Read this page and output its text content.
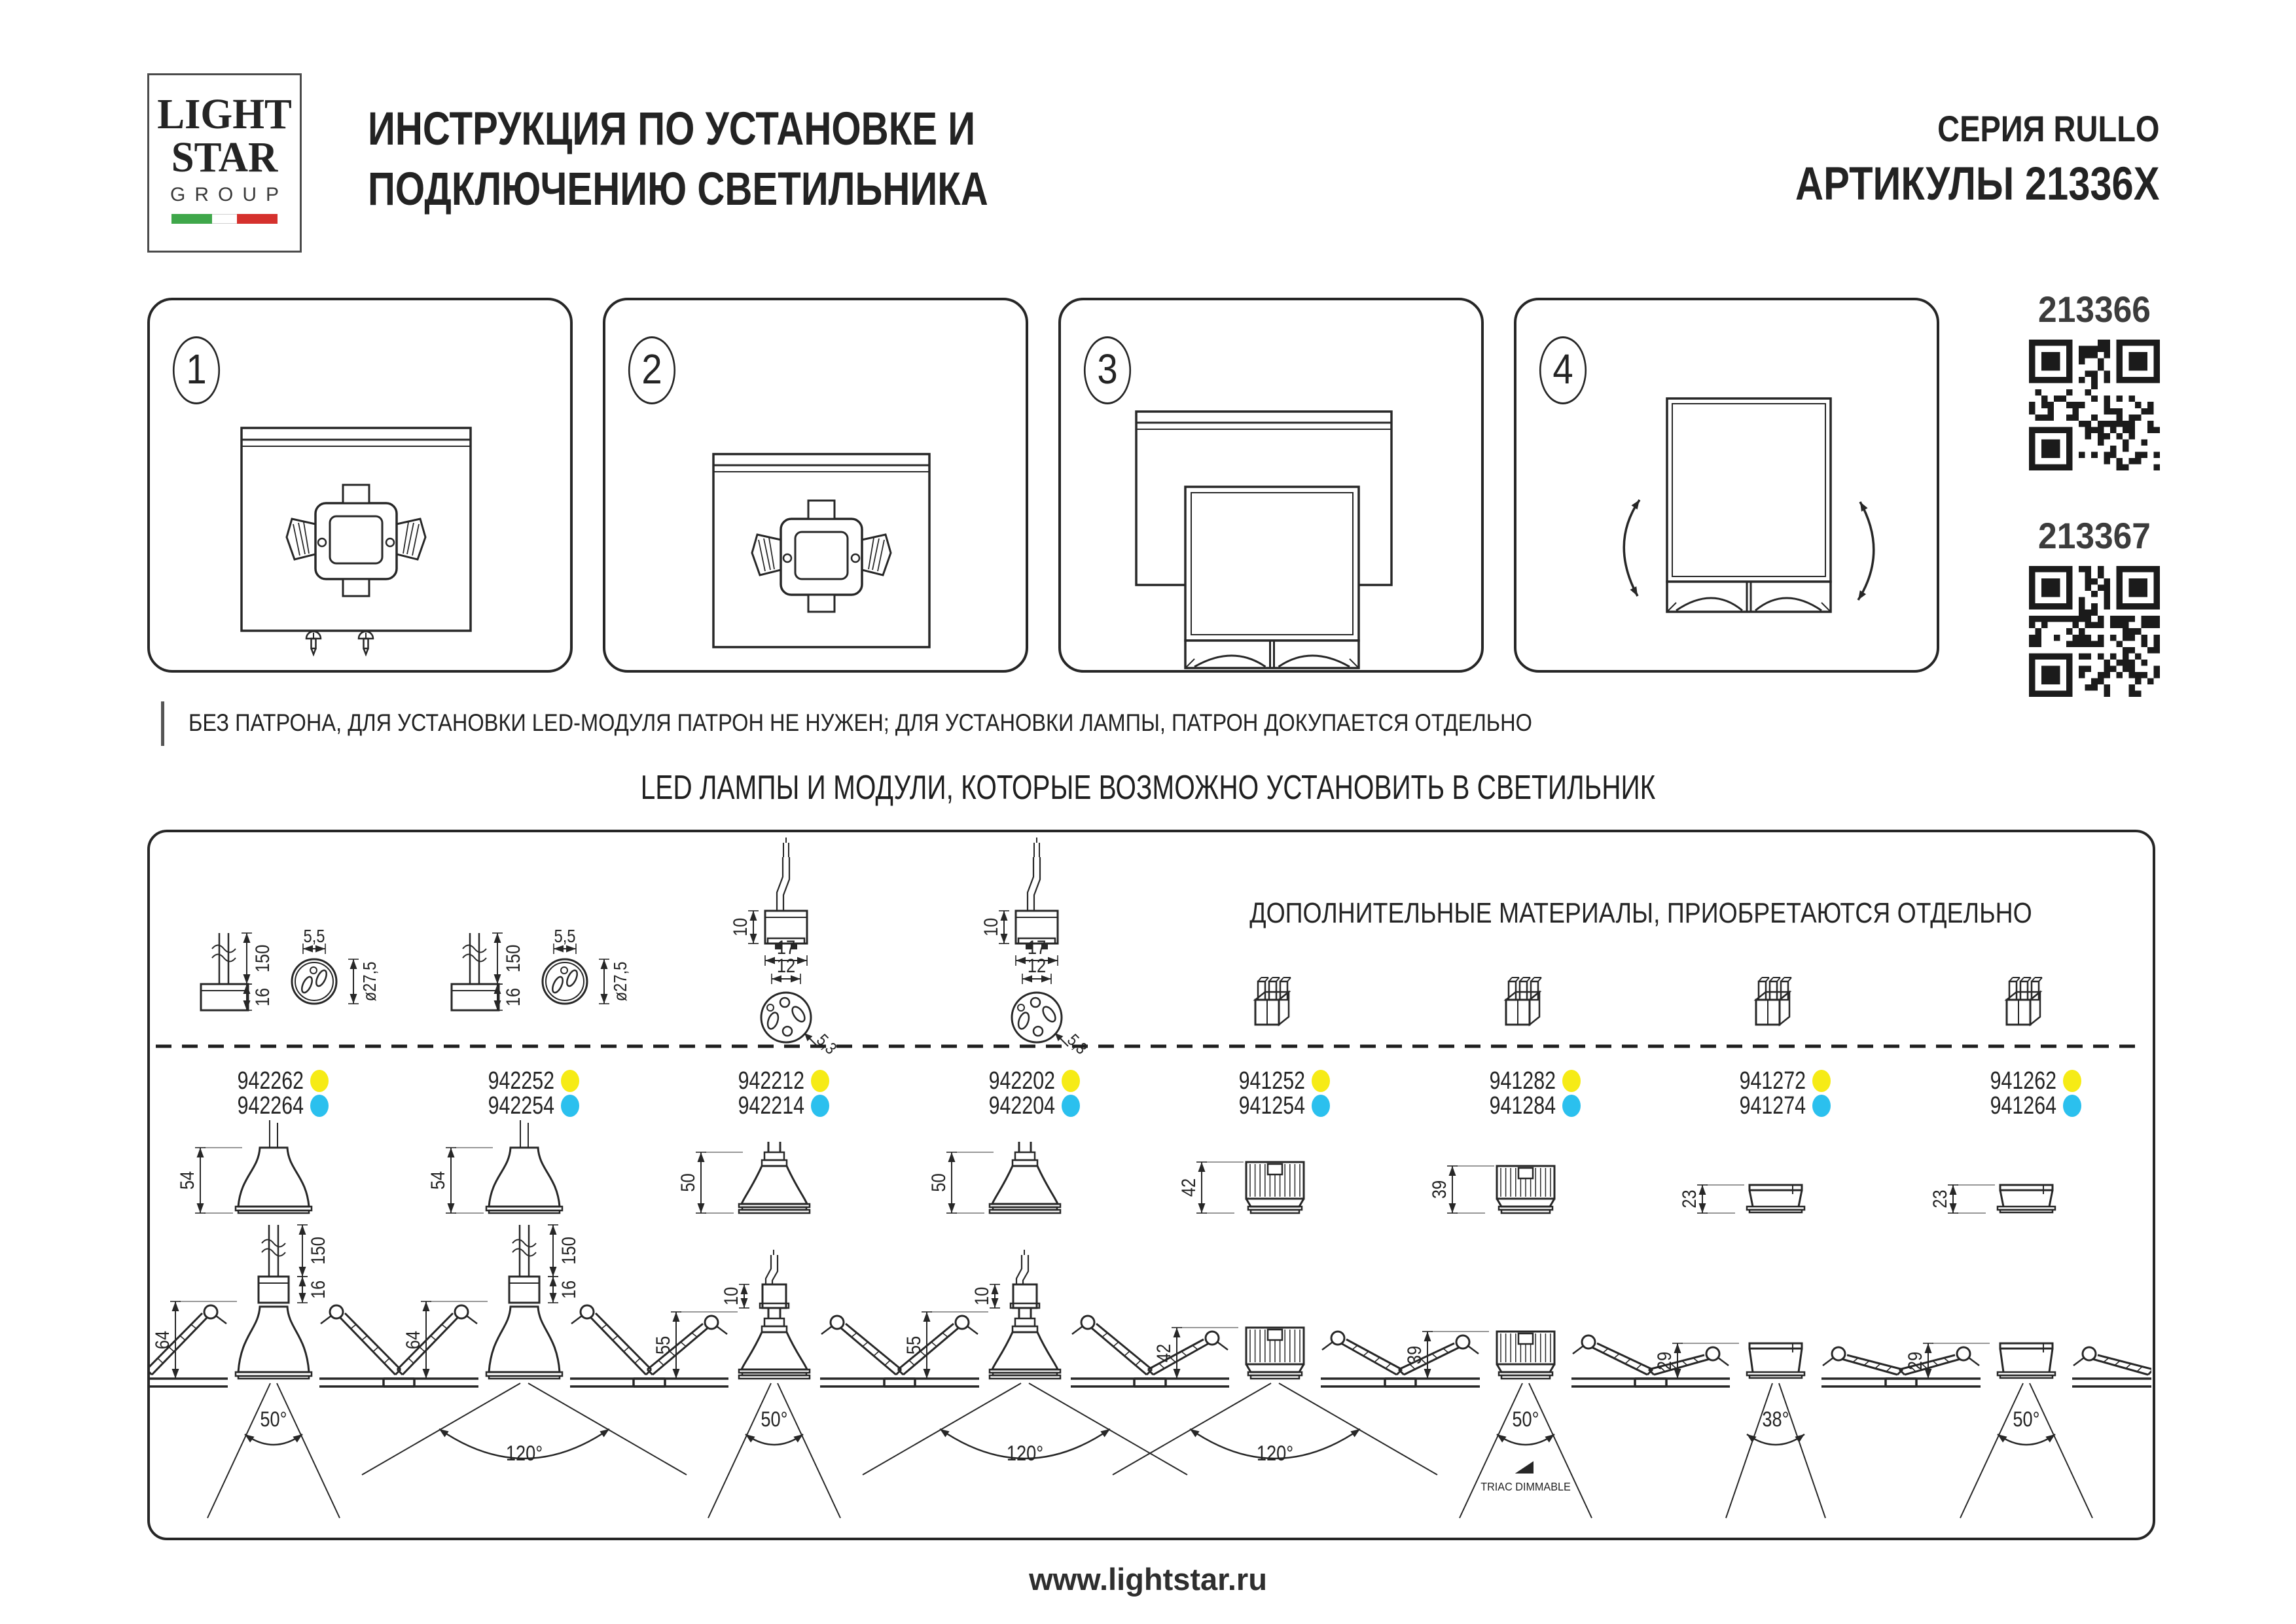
LIGHT
STAR
GROUP
ИНСТРУКЦИЯ ПО УСТАНОВКЕ И
ПОДКЛЮЧЕНИЮ СВЕТИЛЬНИКА
СЕРИЯ RULLO
АРТИКУЛЫ 21336X
1	2	3	4
213366
213367
БЕЗ ПАТРОНА, ДЛЯ УСТАНОВКИ LED-МОДУЛЯ ПАТРОН НЕ НУЖЕН; ДЛЯ УСТАНОВКИ ЛАМПЫ, ПАТРОН ДОКУПАЕТСЯ ОТДЕЛЬНО
LED ЛАМПЫ И МОДУЛИ, КОТОРЫЕ ВОЗМОЖНО УСТАНОВИТЬ В СВЕТИЛЬНИК
ДОПОЛНИТЕЛЬНЫЕ МАТЕРИАЛЫ, ПРИОБРЕТАЮТСЯ ОТДЕЛЬНО
150
16
5,5
ø27,5
942262
942264
54
150
16
64
50°
150
16
5,5
ø27,5
942252
942254
54
150
16
64
120°
10
17
12
5,3
942212
942214
50
10
55
50°
10
17
12
5,3
942202
942204
50
10
55
120°
941252
941254
42
42
120°
941282
941284
39
39
50°
TRIAC DIMMABLE
941272
941274
23
29
38°
941262
941264
23
29
50°
www.lightstar.ru
